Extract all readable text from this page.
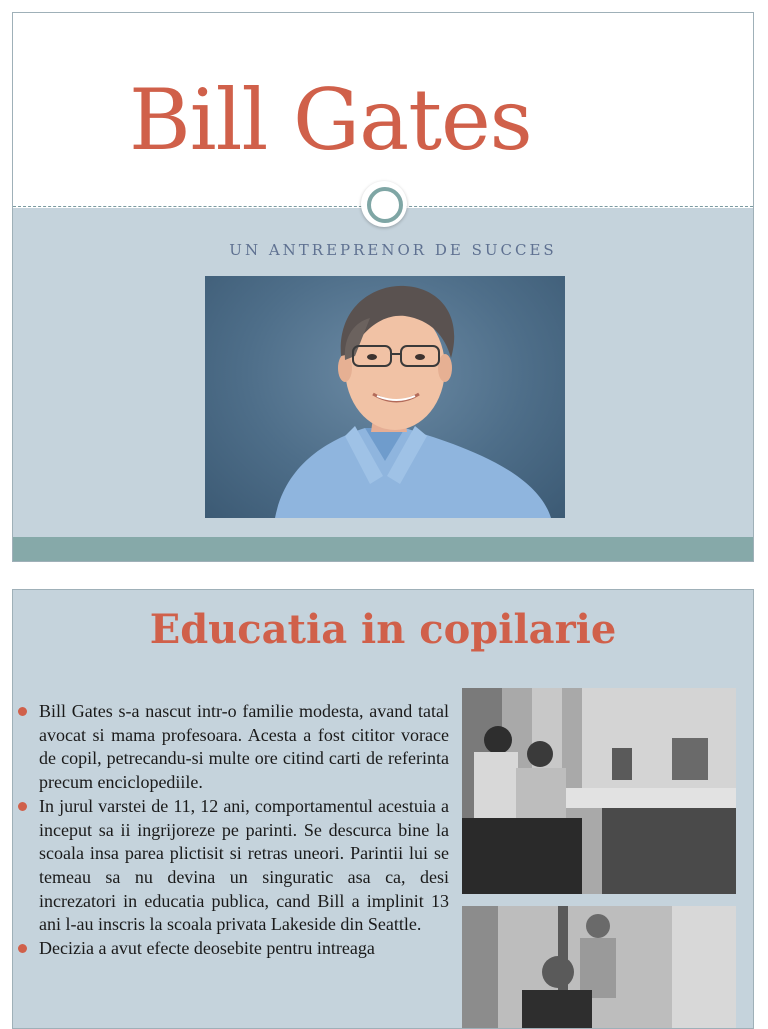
Bill Gates
UN ANTREPRENOR DE SUCCES
Educatia in copilarie
Bill Gates s-a nascut intr-o familie modesta, avand tatal avocat si mama profesoara. Acesta a fost cititor vorace de copil, petrecandu-si multe ore citind carti de referinta precum enciclopediile.
In jurul varstei de 11, 12 ani, comportamentul acestuia a inceput sa ii ingrijoreze pe parinti. Se descurca bine la scoala insa parea plictisit si retras uneori. Parintii lui se temeau sa nu devina un singuratic asa ca, desi increzatori in educatia publica, cand Bill a implinit 13 ani l-au inscris la scoala privata Lakeside din Seattle.
Decizia a avut efecte deosebite pentru intreaga
